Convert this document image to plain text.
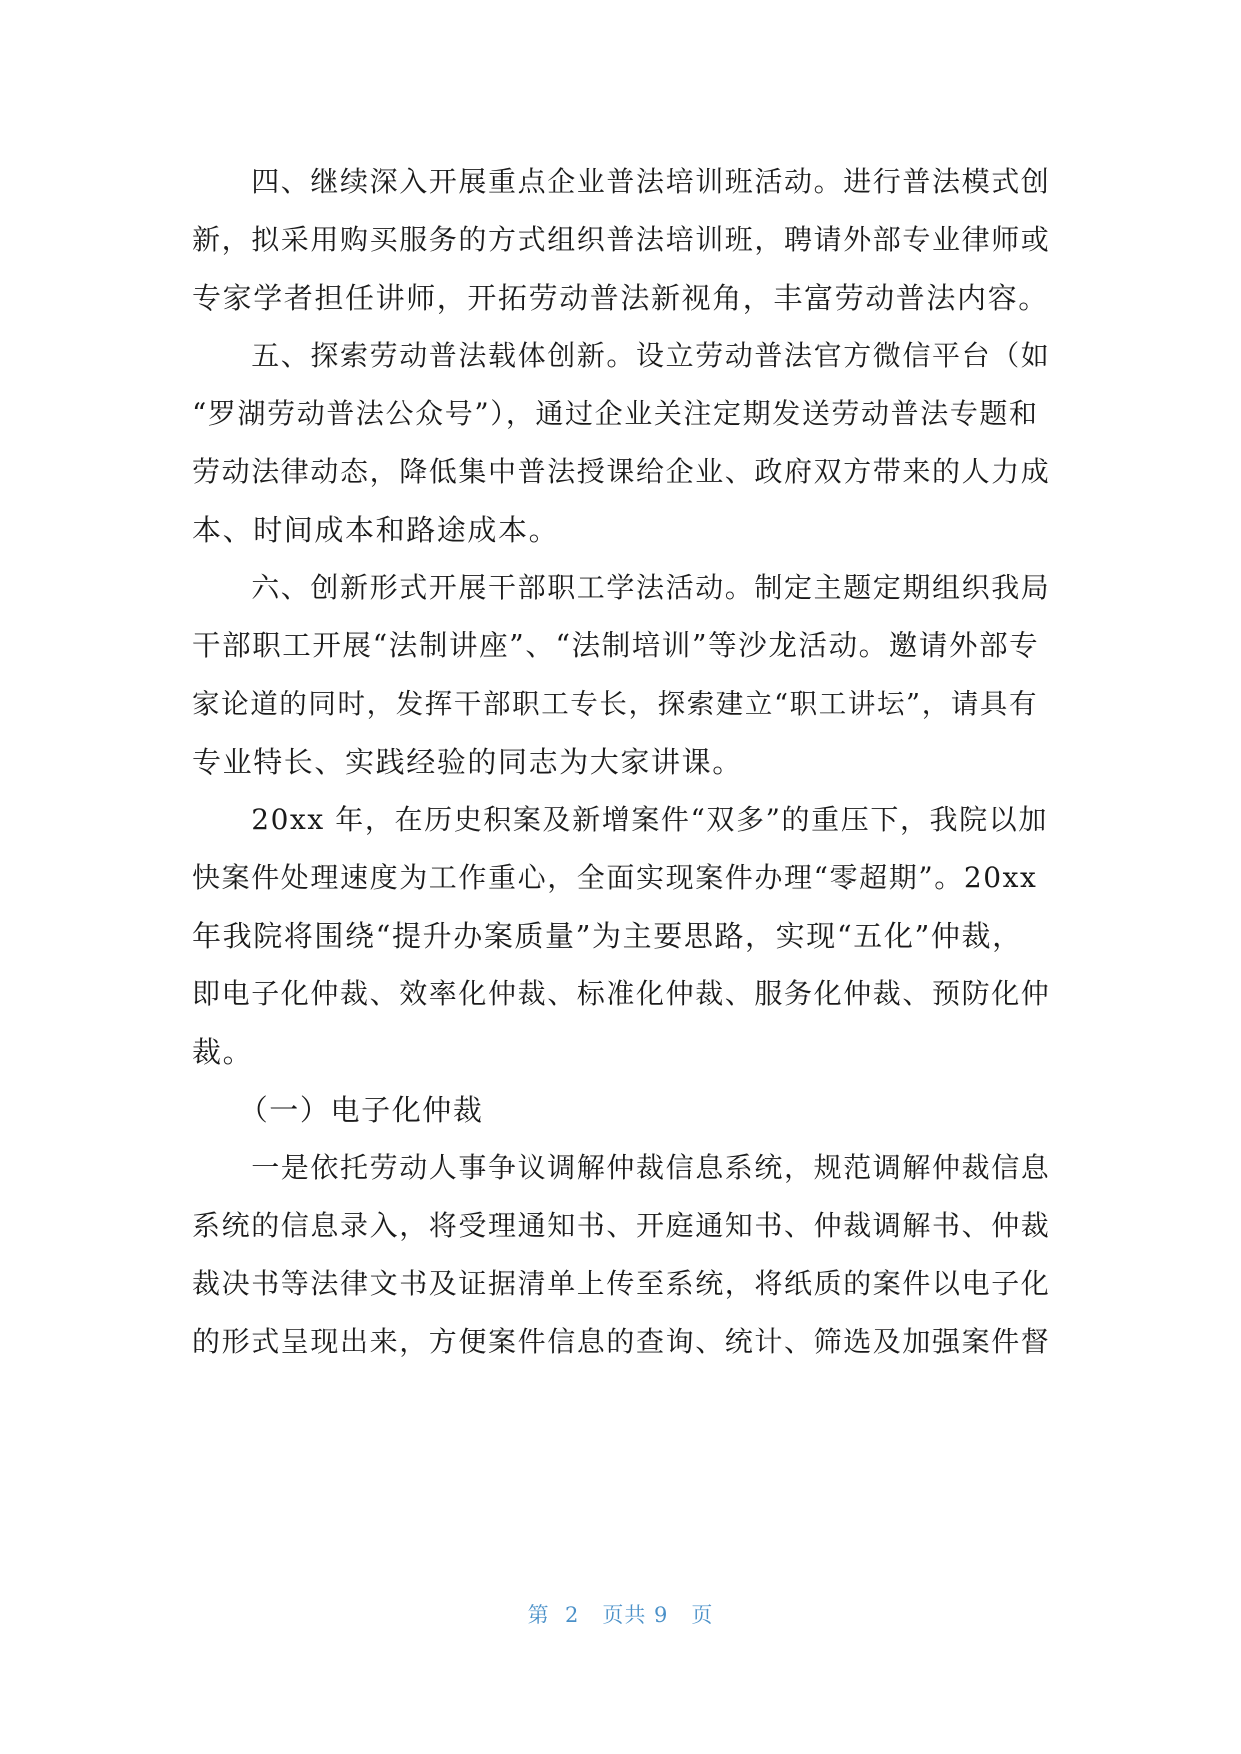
　　四、继续深入开展重点企业普法培训班活动。进行普法模式创
新，拟采用购买服务的方式组织普法培训班，聘请外部专业律师或
专家学者担任讲师，开拓劳动普法新视角，丰富劳动普法内容。
　　五、探索劳动普法载体创新。设立劳动普法官方微信平台（如
“罗湖劳动普法公众号”），通过企业关注定期发送劳动普法专题和
劳动法律动态，降低集中普法授课给企业、政府双方带来的人力成
本、时间成本和路途成本。
　　六、创新形式开展干部职工学法活动。制定主题定期组织我局
干部职工开展“法制讲座”、“法制培训”等沙龙活动。邀请外部专
家论道的同时，发挥干部职工专长，探索建立“职工讲坛”，请具有
专业特长、实践经验的同志为大家讲课。
　　20xx 年，在历史积案及新增案件“双多”的重压下，我院以加
快案件处理速度为工作重心，全面实现案件办理“零超期”。20xx
年我院将围绕“提升办案质量”为主要思路，实现“五化”仲裁，
即电子化仲裁、效率化仲裁、标准化仲裁、服务化仲裁、预防化仲
裁。
　　（一）电子化仲裁
　　一是依托劳动人事争议调解仲裁信息系统，规范调解仲裁信息
系统的信息录入，将受理通知书、开庭通知书、仲裁调解书、仲裁
裁决书等法律文书及证据清单上传至系统，将纸质的案件以电子化
的形式呈现出来，方便案件信息的查询、统计、筛选及加强案件督
第  2   页共 9   页
